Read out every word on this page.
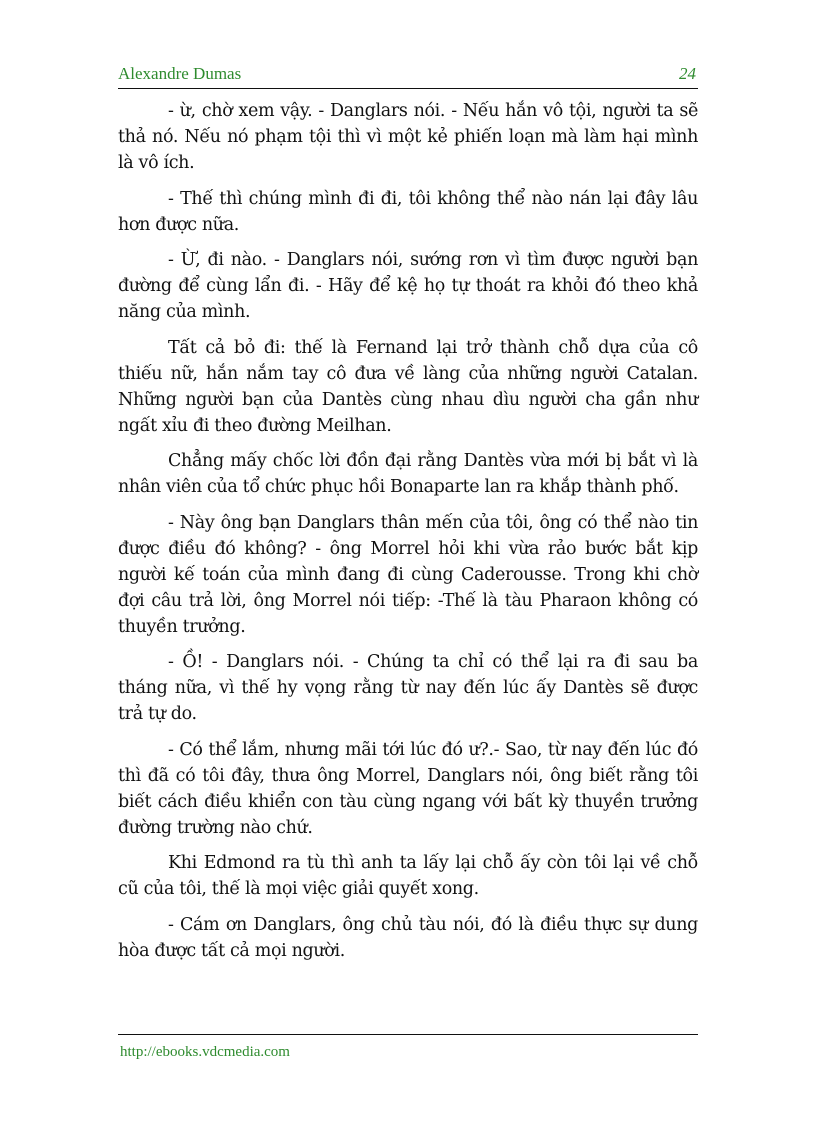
Alexandre Dumas	24

- ừ, chờ xem vậy. - Danglars nói. - Nếu hắn vô tội, người ta sẽ thả nó. Nếu nó phạm tội thì vì một kẻ phiến loạn mà làm hại mình là vô ích.

- Thế thì chúng mình đi đi, tôi không thể nào nán lại đây lâu hơn được nữa.

- Ừ, đi nào. - Danglars nói, sướng rơn vì tìm được người bạn đường để cùng lẩn đi. - Hãy để kệ họ tự thoát ra khỏi đó theo khả năng của mình.

Tất cả bỏ đi: thế là Fernand lại trở thành chỗ dựa của cô thiếu nữ, hắn nắm tay cô đưa về làng của những người Catalan. Những người bạn của Dantès cùng nhau dìu người cha gần như ngất xỉu đi theo đường Meilhan.

Chẳng mấy chốc lời đồn đại rằng Dantès vừa mới bị bắt vì là nhân viên của tổ chức phục hồi Bonaparte lan ra khắp thành phố.

- Này ông bạn Danglars thân mến của tôi, ông có thể nào tin được điều đó không? - ông Morrel hỏi khi vừa rảo bước bắt kịp người kế toán của mình đang đi cùng Caderousse. Trong khi chờ đợi câu trả lời, ông Morrel nói tiếp: -Thế là tàu Pharaon không có thuyền trưởng.

- Ồ! - Danglars nói. - Chúng ta chỉ có thể lại ra đi sau ba tháng nữa, vì thế hy vọng rằng từ nay đến lúc ấy Dantès sẽ được trả tự do.

- Có thể lắm, nhưng mãi tới lúc đó ư?.- Sao, từ nay đến lúc đó thì đã có tôi đây, thưa ông Morrel, Danglars nói, ông biết rằng tôi biết cách điều khiển con tàu cùng ngang với bất kỳ thuyền trưởng đường trường nào chứ.

Khi Edmond ra tù thì anh ta lấy lại chỗ ấy còn tôi lại về chỗ cũ của tôi, thế là mọi việc giải quyết xong.

- Cám ơn Danglars, ông chủ tàu nói, đó là điều thực sự dung hòa được tất cả mọi người.

http://ebooks.vdcmedia.com
